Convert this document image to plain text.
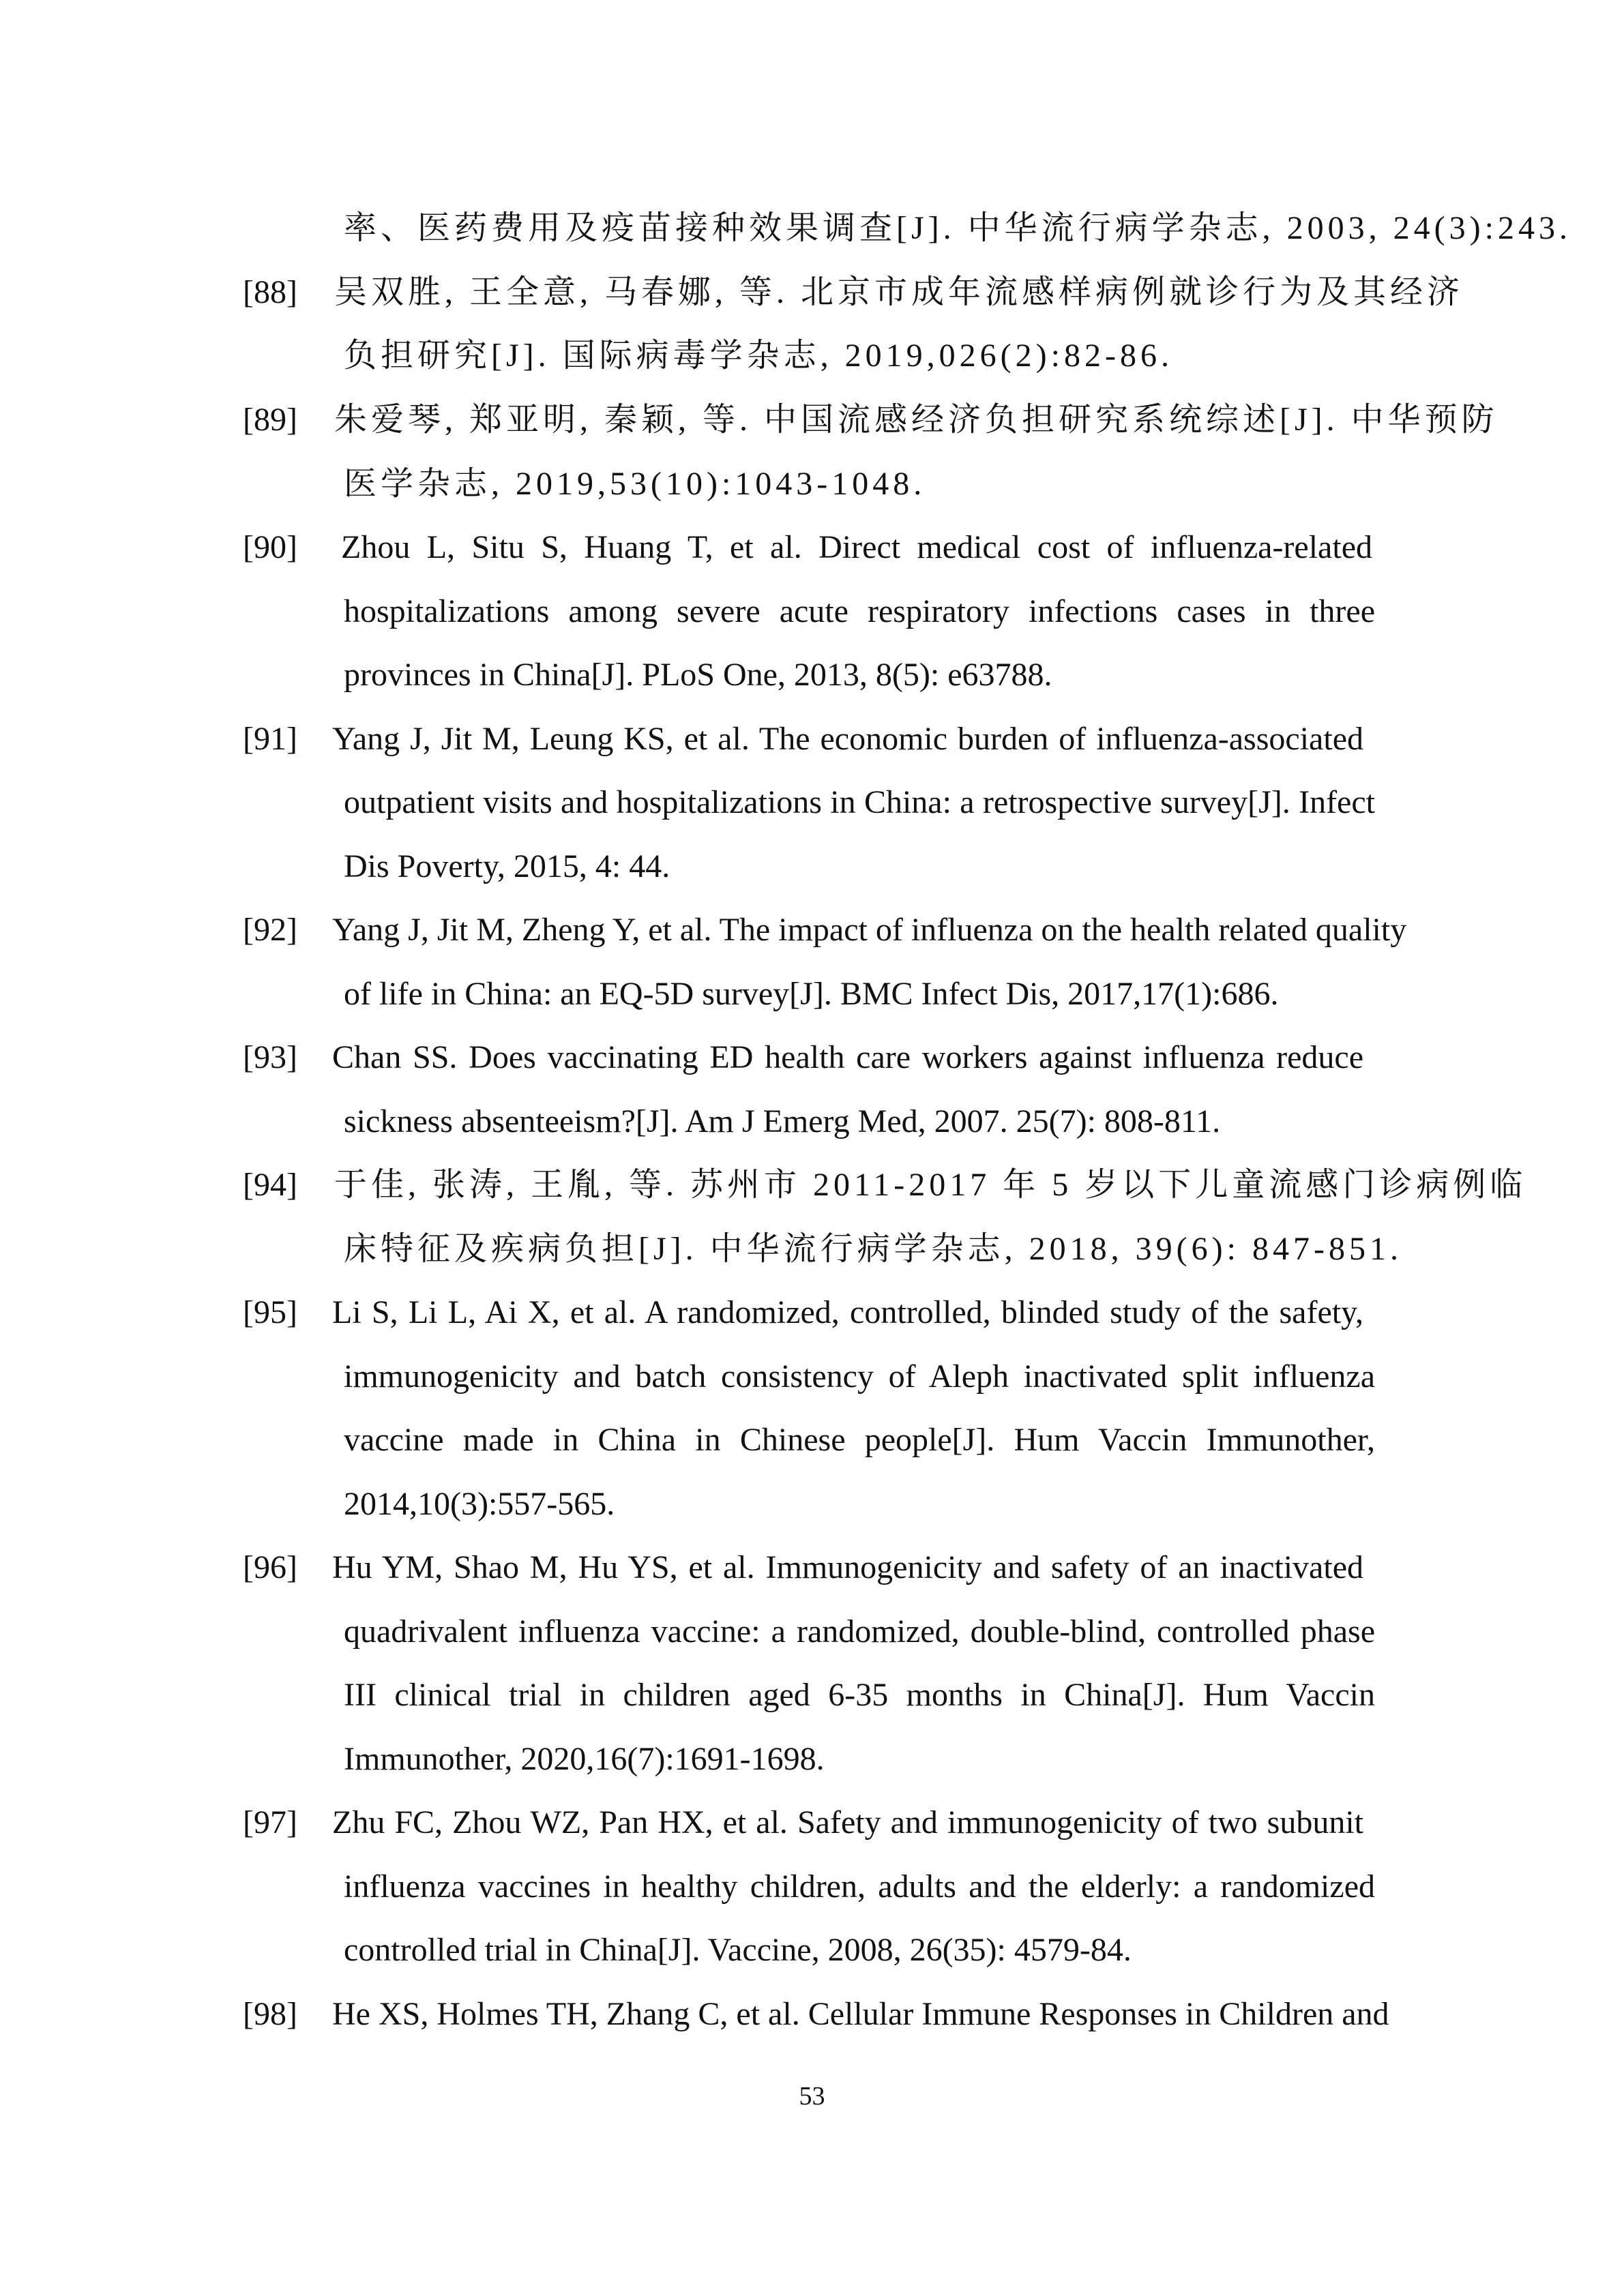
率、医药费用及疫苗接种效果调查[J]. 中华流行病学杂志, 2003, 24(3):243.
[88]	吴双胜, 王全意, 马春娜, 等. 北京市成年流感样病例就诊行为及其经济
负担研究[J]. 国际病毒学杂志, 2019,026(2):82-86.
[89]	朱爱琴, 郑亚明, 秦颖, 等. 中国流感经济负担研究系统综述[J]. 中华预防
医学杂志, 2019,53(10):1043-1048.
[90]	Zhou L, Situ S, Huang T, et al. Direct medical cost of influenza-related
hospitalizations among severe acute respiratory infections cases in three
provinces in China[J]. PLoS One, 2013, 8(5): e63788.
[91]	Yang J, Jit M, Leung KS, et al. The economic burden of influenza-associated
outpatient visits and hospitalizations in China: a retrospective survey[J]. Infect
Dis Poverty, 2015, 4: 44.
[92]	Yang J, Jit M, Zheng Y, et al. The impact of influenza on the health related quality
of life in China: an EQ-5D survey[J]. BMC Infect Dis, 2017,17(1):686.
[93]	Chan SS. Does vaccinating ED health care workers against influenza reduce
sickness absenteeism?[J]. Am J Emerg Med, 2007. 25(7): 808-811.
[94]	于佳, 张涛, 王胤, 等. 苏州市 2011-2017 年 5 岁以下儿童流感门诊病例临
床特征及疾病负担[J]. 中华流行病学杂志, 2018, 39(6): 847-851.
[95]	Li S, Li L, Ai X, et al. A randomized, controlled, blinded study of the safety,
immunogenicity and batch consistency of Aleph inactivated split influenza
vaccine made in China in Chinese people[J]. Hum Vaccin Immunother,
2014,10(3):557-565.
[96]	Hu YM, Shao M, Hu YS, et al. Immunogenicity and safety of an inactivated
quadrivalent influenza vaccine: a randomized, double-blind, controlled phase
III clinical trial in children aged 6-35 months in China[J]. Hum Vaccin
Immunother, 2020,16(7):1691-1698.
[97]	Zhu FC, Zhou WZ, Pan HX, et al. Safety and immunogenicity of two subunit
influenza vaccines in healthy children, adults and the elderly: a randomized
controlled trial in China[J]. Vaccine, 2008, 26(35): 4579-84.
[98]	He XS, Holmes TH, Zhang C, et al. Cellular Immune Responses in Children and
53
